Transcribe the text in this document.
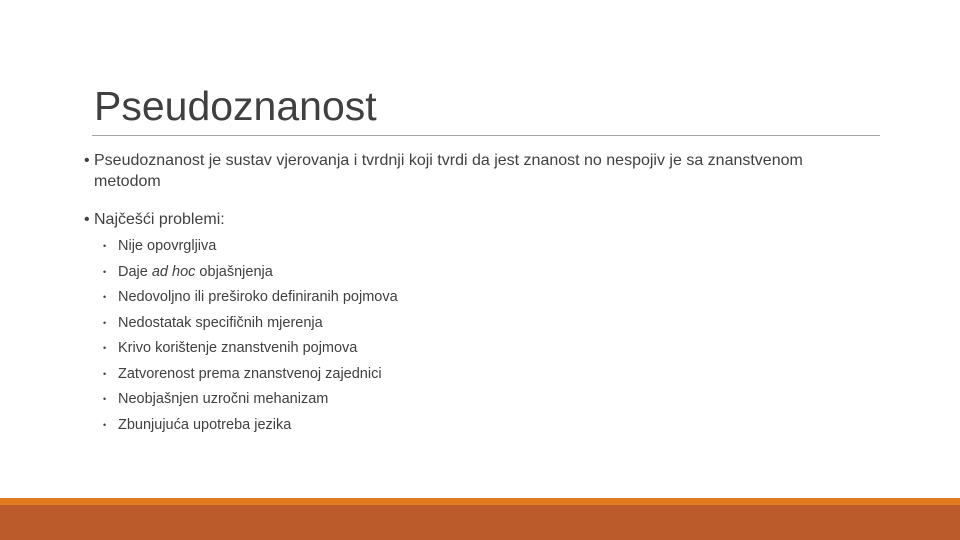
Pseudoznanost

• Pseudoznanost je sustav vjerovanja i tvrdnji koji tvrdi da jest znanost no nespojiv je sa znanstvenom metodom

• Najčešći problemi:

• Nije opovrgljiva
• Daje ad hoc objašnjenja
• Nedovoljno ili preširoko definiranih pojmova
• Nedostatak specifičnih mjerenja
• Krivo korištenje znanstvenih pojmova
• Zatvorenost prema znanstvenoj zajednici
• Neobjašnjen uzročni mehanizam
• Zbunjujuća upotreba jezika
